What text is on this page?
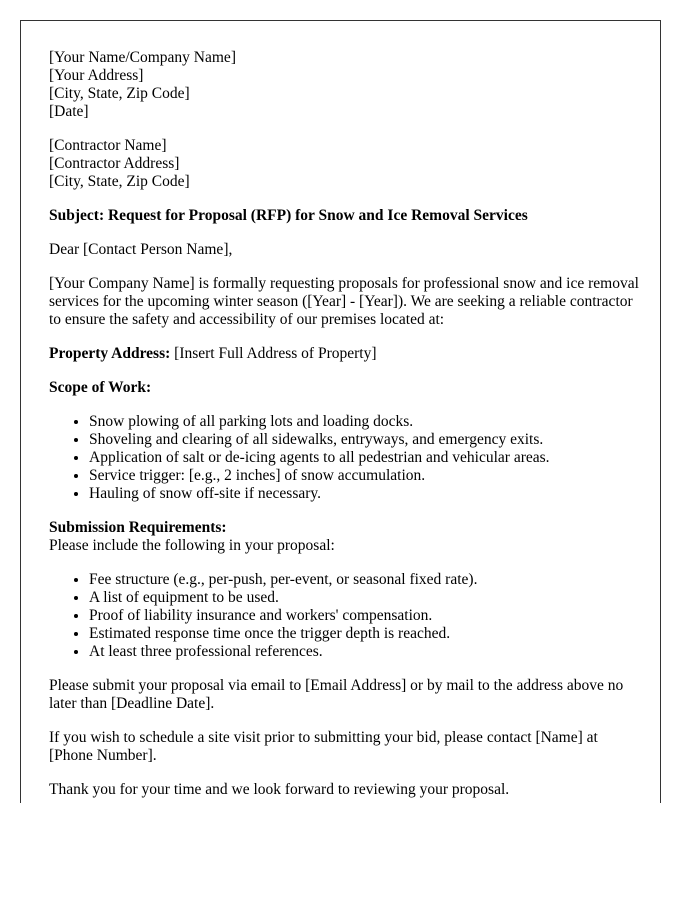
[Your Name/Company Name]
[Your Address]
[City, State, Zip Code]
[Date]

[Contractor Name]
[Contractor Address]
[City, State, Zip Code]

Subject: Request for Proposal (RFP) for Snow and Ice Removal Services

Dear [Contact Person Name],

[Your Company Name] is formally requesting proposals for professional snow and ice removal services for the upcoming winter season ([Year] - [Year]). We are seeking a reliable contractor to ensure the safety and accessibility of our premises located at:

Property Address: [Insert Full Address of Property]

Scope of Work:

• Snow plowing of all parking lots and loading docks.
• Shoveling and clearing of all sidewalks, entryways, and emergency exits.
• Application of salt or de-icing agents to all pedestrian and vehicular areas.
• Service trigger: [e.g., 2 inches] of snow accumulation.
• Hauling of snow off-site if necessary.

Submission Requirements:
Please include the following in your proposal:

• Fee structure (e.g., per-push, per-event, or seasonal fixed rate).
• A list of equipment to be used.
• Proof of liability insurance and workers' compensation.
• Estimated response time once the trigger depth is reached.
• At least three professional references.

Please submit your proposal via email to [Email Address] or by mail to the address above no later than [Deadline Date].

If you wish to schedule a site visit prior to submitting your bid, please contact [Name] at [Phone Number].

Thank you for your time and we look forward to reviewing your proposal.
